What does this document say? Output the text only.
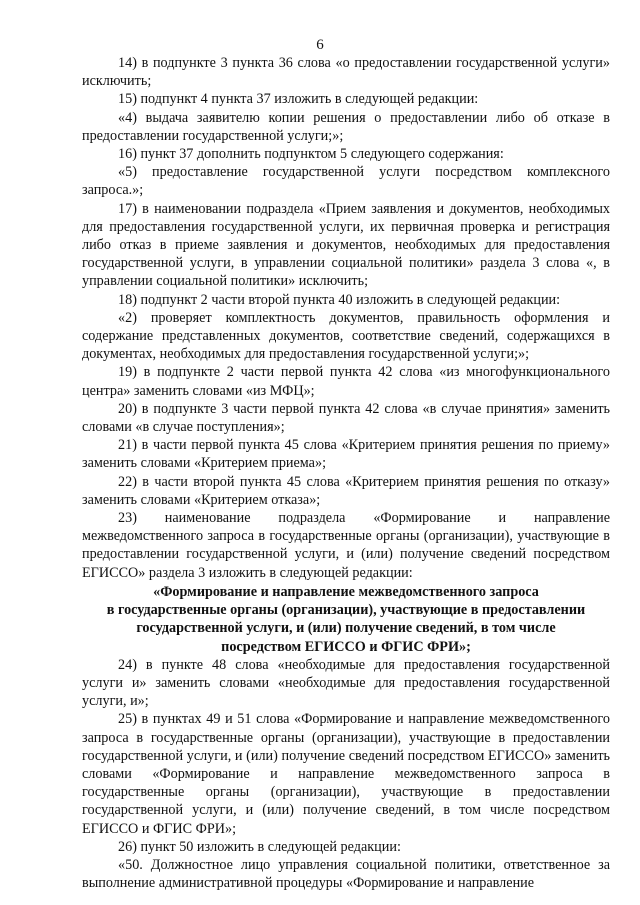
6

14) в подпункте 3 пункта 36 слова «о предоставлении государственной услуги» исключить;

15) подпункт 4 пункта 37 изложить в следующей редакции:

«4) выдача заявителю копии решения о предоставлении либо об отказе в предоставлении государственной услуги;»;

16) пункт 37 дополнить подпунктом 5 следующего содержания:

«5) предоставление государственной услуги посредством комплексного запроса.»;

17) в наименовании подраздела «Прием заявления и документов, необходимых для предоставления государственной услуги, их первичная проверка и регистрация либо отказ в приеме заявления и документов, необходимых для предоставления государственной услуги, в управлении социальной политики» раздела 3 слова «, в управлении социальной политики» исключить;

18) подпункт 2 части второй пункта 40 изложить в следующей редакции:

«2) проверяет комплектность документов, правильность оформления и содержание представленных документов, соответствие сведений, содержащихся в документах, необходимых для предоставления государственной услуги;»;

19) в подпункте 2 части первой пункта 42 слова «из многофункционального центра» заменить словами «из МФЦ»;

20) в подпункте 3 части первой пункта 42 слова «в случае принятия» заменить словами «в случае поступления»;

21) в части первой пункта 45 слова «Критерием принятия решения по приему» заменить словами «Критерием приема»;

22) в части второй пункта 45 слова «Критерием принятия решения по отказу» заменить словами «Критерием отказа»;

23) наименование подраздела «Формирование и направление межведомственного запроса в государственные органы (организации), участвующие в предоставлении государственной услуги, и (или) получение сведений посредством ЕГИССО» раздела 3 изложить в следующей редакции:

«Формирование и направление межведомственного запроса
в государственные органы (организации), участвующие в предоставлении
государственной услуги, и (или) получение сведений, в том числе
посредством ЕГИССО и ФГИС ФРИ»;

24) в пункте 48 слова «необходимые для предоставления государственной услуги и» заменить словами «необходимые для предоставления государственной услуги, и»;

25) в пунктах 49 и 51 слова «Формирование и направление межведомственного запроса в государственные органы (организации), участвующие в предоставлении государственной услуги, и (или) получение сведений посредством ЕГИССО» заменить словами «Формирование и направление межведомственного запроса в государственные органы (организации), участвующие в предоставлении государственной услуги, и (или) получение сведений, в том числе посредством ЕГИССО и ФГИС ФРИ»;

26) пункт 50 изложить в следующей редакции:

«50. Должностное лицо управления социальной политики, ответственное за выполнение административной процедуры «Формирование и направление
